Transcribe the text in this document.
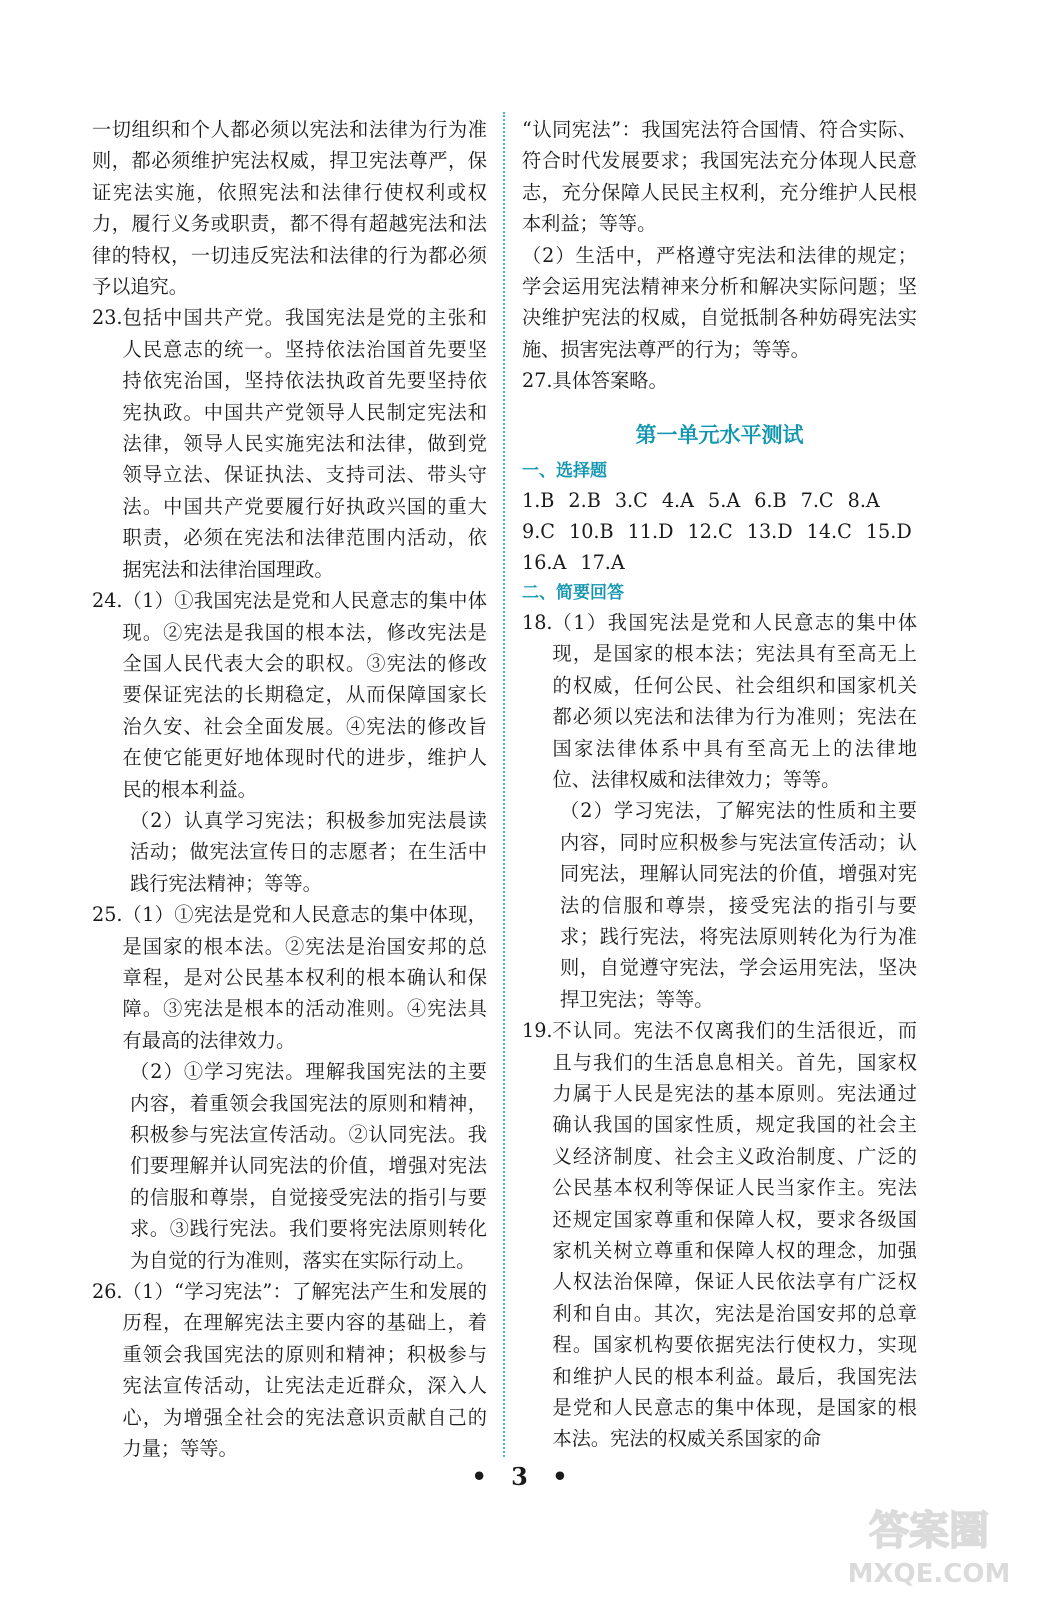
一切组织和个人都必须以宪法和法律为行为准则，都必须维护宪法权威，捍卫宪法尊严，保证宪法实施，依照宪法和法律行使权利或权力，履行义务或职责，都不得有超越宪法和法律的特权，一切违反宪法和法律的行为都必须予以追究。

23. 包括中国共产党。我国宪法是党的主张和人民意志的统一。坚持依法治国首先要坚持依宪治国，坚持依法执政首先要坚持依宪执政。中国共产党领导人民制定宪法和法律，领导人民实施宪法和法律，做到党领导立法、保证执法、支持司法、带头守法。中国共产党要履行好执政兴国的重大职责，必须在宪法和法律范围内活动，依据宪法和法律治国理政。
24. （1）①我国宪法是党和人民意志的集中体现。②宪法是我国的根本法，修改宪法是全国人民代表大会的职权。③宪法的修改要保证宪法的长期稳定，从而保障国家长治久安、社会全面发展。④宪法的修改旨在使它能更好地体现时代的进步，维护人民的根本利益。

（2）认真学习宪法；积极参加宪法晨读活动；做宪法宣传日的志愿者；在生活中践行宪法精神；等等。

25. （1）①宪法是党和人民意志的集中体现，是国家的根本法。②宪法是治国安邦的总章程，是对公民基本权利的根本确认和保障。③宪法是根本的活动准则。④宪法具有最高的法律效力。

（2）①学习宪法。理解我国宪法的主要内容，着重领会我国宪法的原则和精神，积极参与宪法宣传活动。②认同宪法。我们要理解并认同宪法的价值，增强对宪法的信服和尊崇，自觉接受宪法的指引与要求。③践行宪法。我们要将宪法原则转化为自觉的行为准则，落实在实际行动上。

26. （1）“学习宪法”：了解宪法产生和发展的历程，在理解宪法主要内容的基础上，着重领会我国宪法的原则和精神；积极参与宪法宣传活动，让宪法走近群众，深入人心，为增强全社会的宪法意识贡献自己的力量；等等。

“认同宪法”：我国宪法符合国情、符合实际、符合时代发展要求；我国宪法充分体现人民意志，充分保障人民民主权利，充分维护人民根本利益；等等。

（2）生活中，严格遵守宪法和法律的规定；学会运用宪法精神来分析和解决实际问题；坚决维护宪法的权威，自觉抵制各种妨碍宪法实施、损害宪法尊严的行为；等等。

27. 具体答案略。
第一单元水平测试
一、选择题
1.B 2.B 3.C 4.A 5.A 6.B 7.C 8.A
9.C 10.B 11.D 12.C 13.D 14.C 15.D
16.A 17.A
二、简要回答
18. （1）我国宪法是党和人民意志的集中体现，是国家的根本法；宪法具有至高无上的权威，任何公民、社会组织和国家机关都必须以宪法和法律为行为准则；宪法在国家法律体系中具有至高无上的法律地位、法律权威和法律效力；等等。

（2）学习宪法，了解宪法的性质和主要内容，同时应积极参与宪法宣传活动；认同宪法，理解认同宪法的价值，增强对宪法的信服和尊崇，接受宪法的指引与要求；践行宪法，将宪法原则转化为行为准则，自觉遵守宪法，学会运用宪法，坚决捍卫宪法；等等。

19. 不认同。宪法不仅离我们的生活很近，而且与我们的生活息息相关。首先，国家权力属于人民是宪法的基本原则。宪法通过确认我国的国家性质，规定我国的社会主义经济制度、社会主义政治制度、广泛的公民基本权利等保证人民当家作主。宪法还规定国家尊重和保障人权，要求各级国家机关树立尊重和保障人权的理念，加强人权法治保障，保证人民依法享有广泛权利和自由。其次，宪法是治国安邦的总章程。国家机构要依据宪法行使权力，实现和维护人民的根本利益。最后，我国宪法是党和人民意志的集中体现，是国家的根本法。宪法的权威关系国家的命
• 3 •
答案圈
MXQE.COM
